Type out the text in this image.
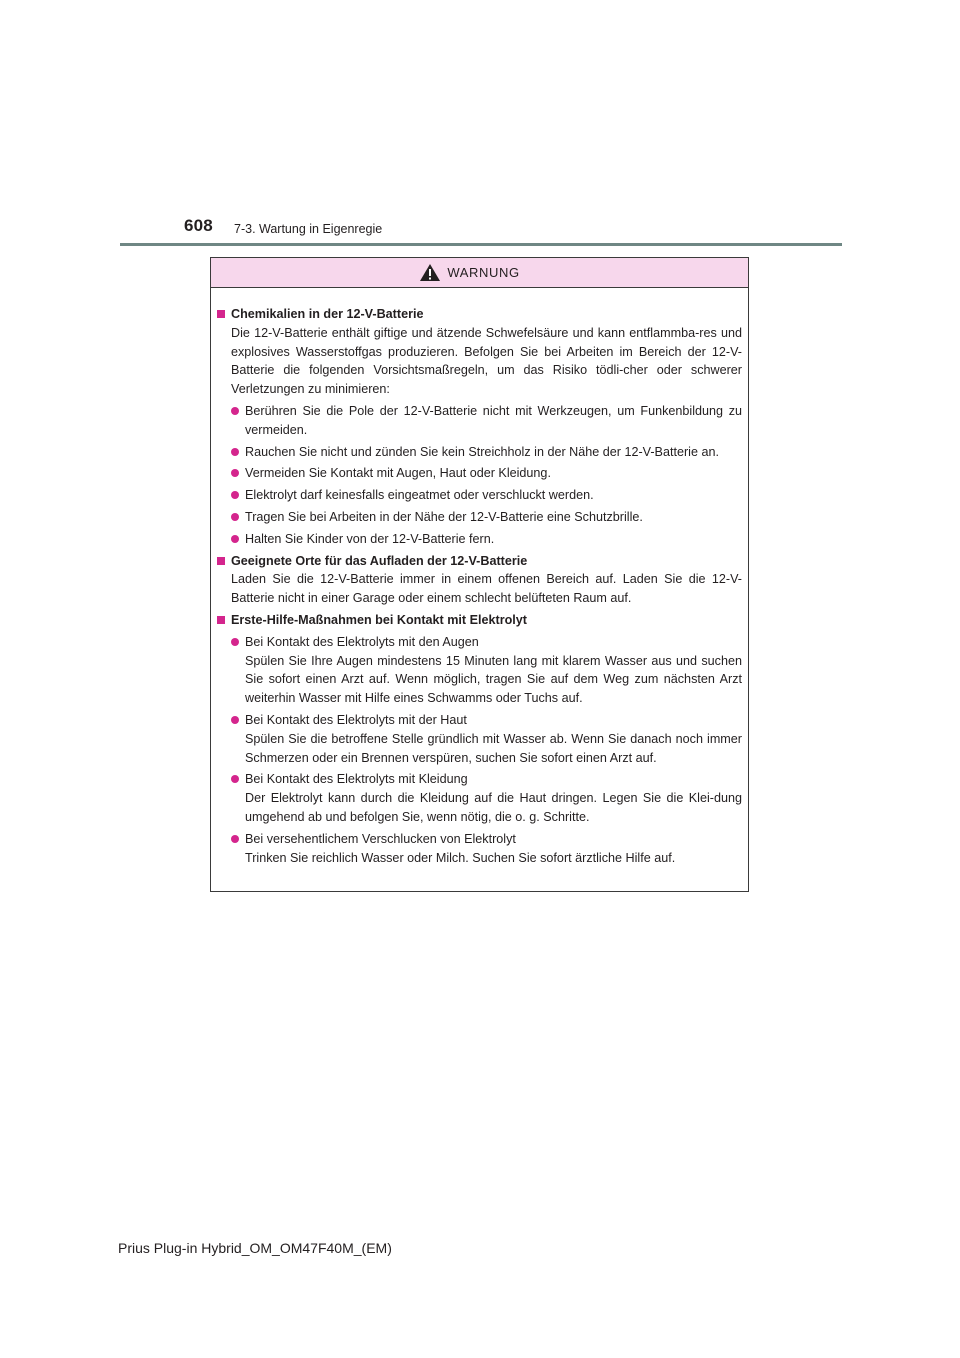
608 7-3. Wartung in Eigenregie
WARNUNG
Chemikalien in der 12-V-Batterie
Die 12-V-Batterie enthält giftige und ätzende Schwefelsäure und kann entflammba-res und explosives Wasserstoffgas produzieren. Befolgen Sie bei Arbeiten im Bereich der 12-V-Batterie die folgenden Vorsichtsmaßregeln, um das Risiko tödli-cher oder schwerer Verletzungen zu minimieren:
Berühren Sie die Pole der 12-V-Batterie nicht mit Werkzeugen, um Funkenbildung zu vermeiden.
Rauchen Sie nicht und zünden Sie kein Streichholz in der Nähe der 12-V-Batterie an.
Vermeiden Sie Kontakt mit Augen, Haut oder Kleidung.
Elektrolyt darf keinesfalls eingeatmet oder verschluckt werden.
Tragen Sie bei Arbeiten in der Nähe der 12-V-Batterie eine Schutzbrille.
Halten Sie Kinder von der 12-V-Batterie fern.
Geeignete Orte für das Aufladen der 12-V-Batterie
Laden Sie die 12-V-Batterie immer in einem offenen Bereich auf. Laden Sie die 12-V-Batterie nicht in einer Garage oder einem schlecht belüfteten Raum auf.
Erste-Hilfe-Maßnahmen bei Kontakt mit Elektrolyt
Bei Kontakt des Elektrolyts mit den Augen
Spülen Sie Ihre Augen mindestens 15 Minuten lang mit klarem Wasser aus und suchen Sie sofort einen Arzt auf. Wenn möglich, tragen Sie auf dem Weg zum nächsten Arzt weiterhin Wasser mit Hilfe eines Schwamms oder Tuchs auf.
Bei Kontakt des Elektrolyts mit der Haut
Spülen Sie die betroffene Stelle gründlich mit Wasser ab. Wenn Sie danach noch immer Schmerzen oder ein Brennen verspüren, suchen Sie sofort einen Arzt auf.
Bei Kontakt des Elektrolyts mit Kleidung
Der Elektrolyt kann durch die Kleidung auf die Haut dringen. Legen Sie die Klei-dung umgehend ab und befolgen Sie, wenn nötig, die o. g. Schritte.
Bei versehentlichem Verschlucken von Elektrolyt
Trinken Sie reichlich Wasser oder Milch. Suchen Sie sofort ärztliche Hilfe auf.
Prius Plug-in Hybrid_OM_OM47F40M_(EM)
